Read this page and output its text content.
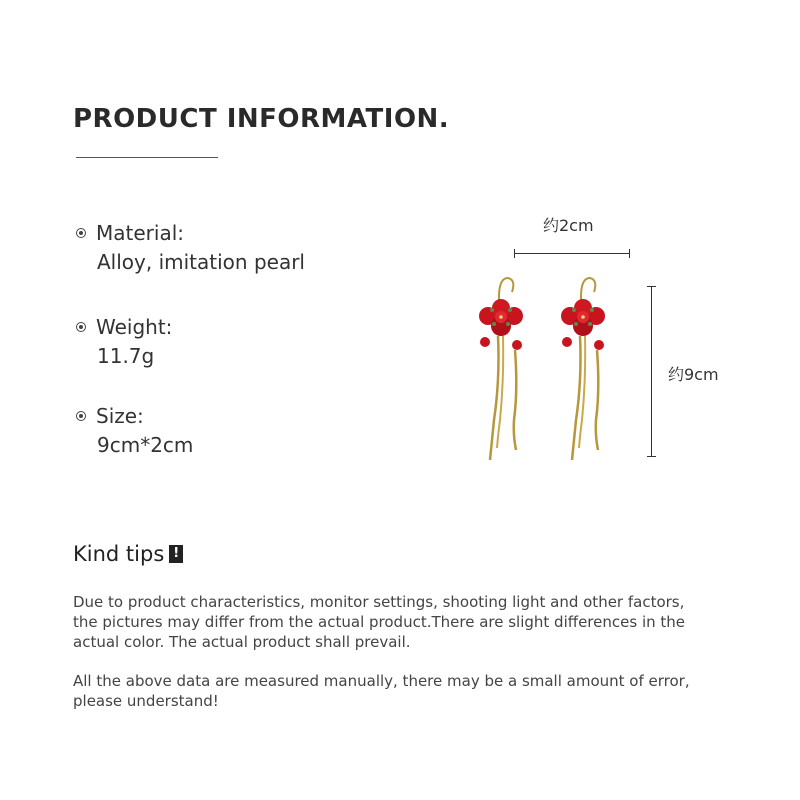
PRODUCT INFORMATION.
Material:
Alloy, imitation pearl
Weight:
11.7g
Size:
9cm*2cm
约2cm
约9cm
Kind tips !

Due to product characteristics, monitor settings, shooting light and other factors, the pictures may differ from the actual product.There are slight differences in the actual color. The actual product shall prevail.

All the above data are measured manually, there may be a small amount of error, please understand!
